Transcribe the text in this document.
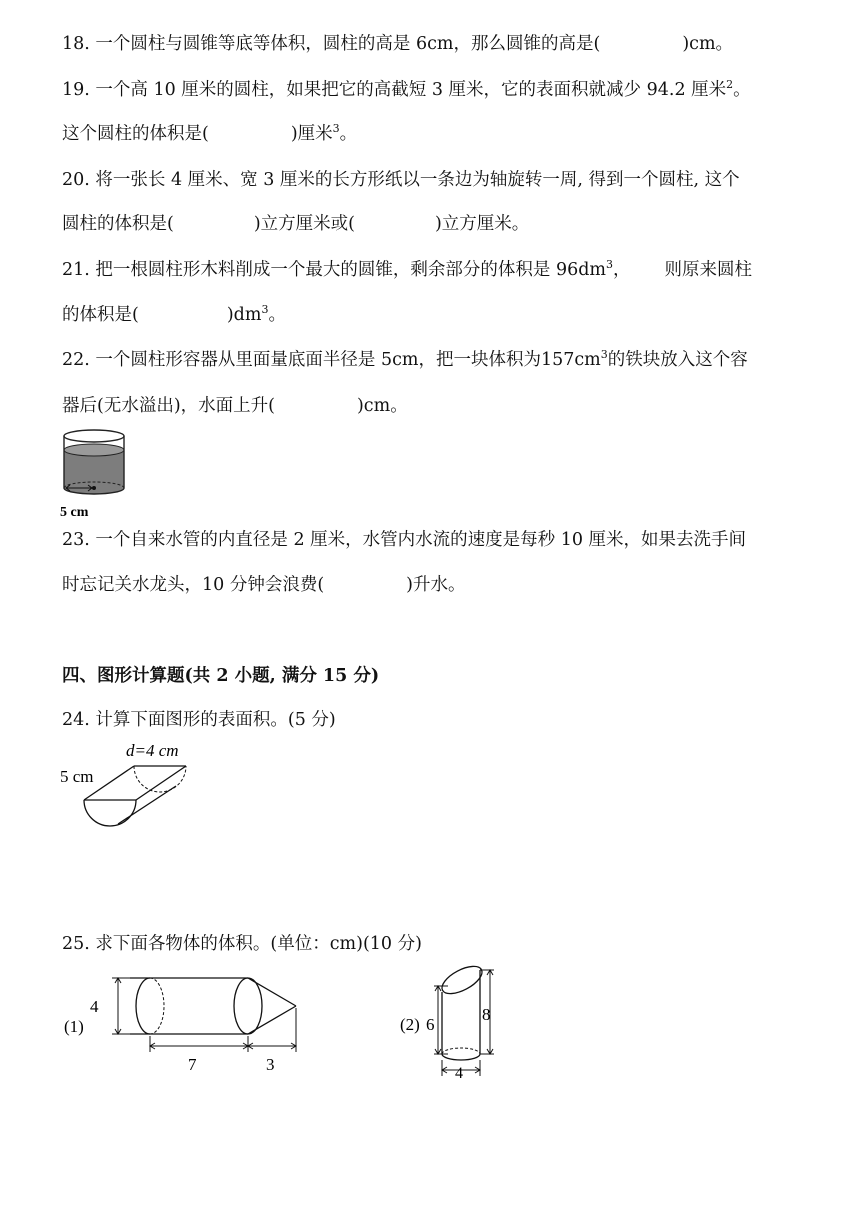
18. 一个圆柱与圆锥等底等体积，圆柱的高是 6cm，那么圆锥的高是(	)cm。
19. 一个高 10 厘米的圆柱，如果把它的高截短 3 厘米，它的表面积就减少 94.2 厘米$^2$。
这个圆柱的体积是(	)厘米$^3$。
20. 将一张长 4 厘米、宽 3 厘米的长方形纸以一条边为轴旋转一周, 得到一个圆柱, 这个
圆柱的体积是(	)立方厘米或(	)立方厘米。
21. 把一根圆柱形木料削成一个最大的圆锥，剩余部分的体积是 $96dm^3$， 则原来圆柱
的体积是(	)$dm^3$。
22. 一个圆柱形容器从里面量底面半径是 5cm，把一块体积为$157cm^3$的铁块放入这个容
器后(无水溢出)，水面上升(	)cm。
5 cm
23. 一个自来水管的内直径是 2 厘米，水管内水流的速度是每秒 10 厘米，如果去洗手间
时忘记关水龙头，10 分钟会浪费(	)升水。
四、图形计算题(共 2 小题, 满分 15 分)
24. 计算下面图形的表面积。(5 分)
d=4 cm
5 cm
25. 求下面各物体的体积。(单位：cm)(10 分)
(1)
4
7	3
(2) 6
8
4
